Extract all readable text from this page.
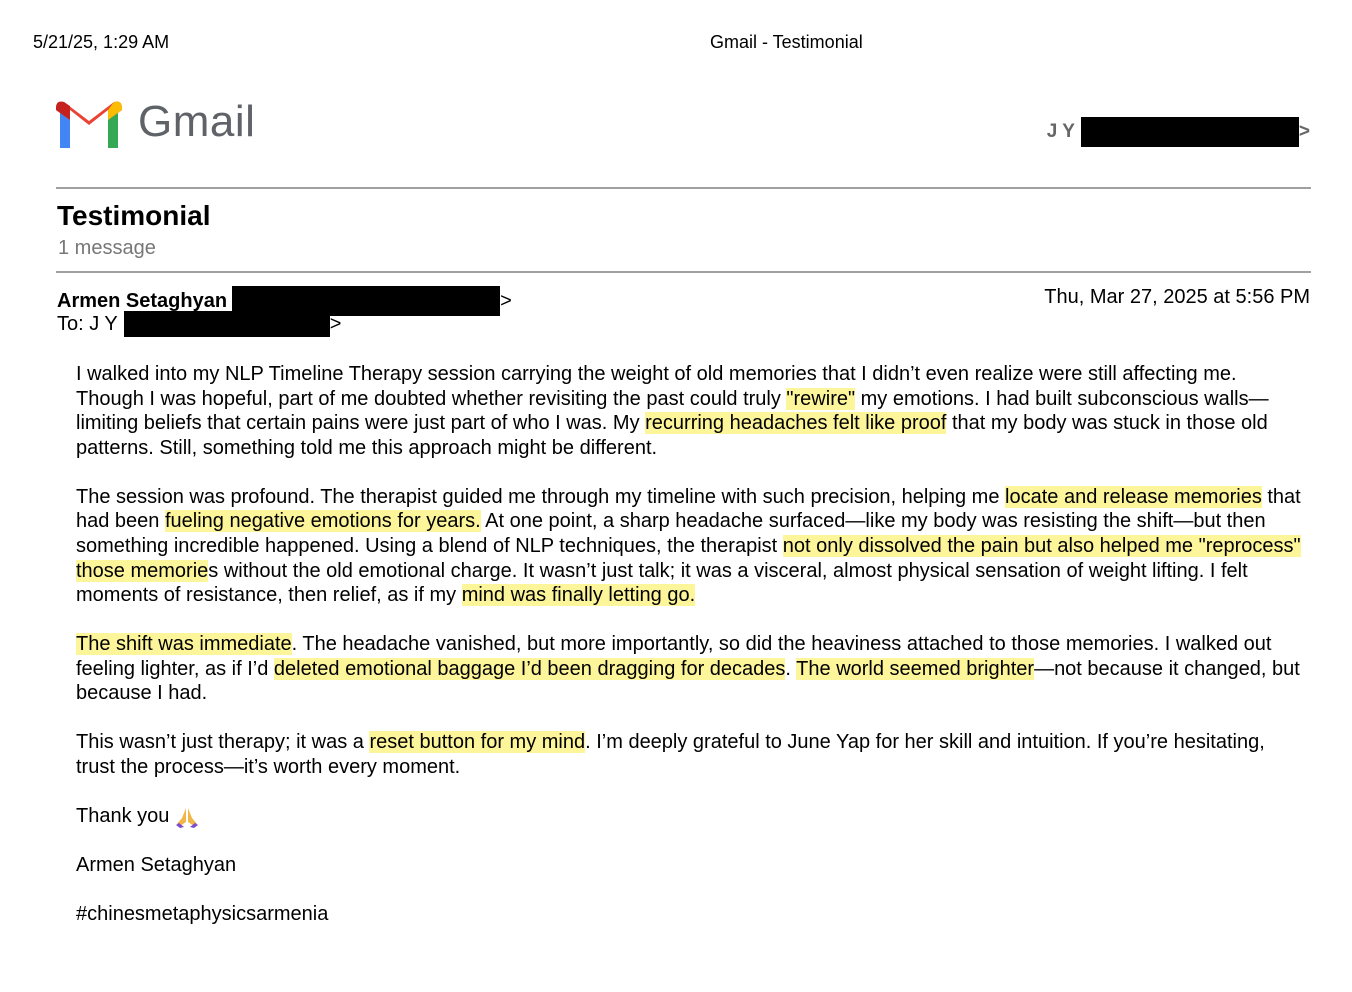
5/21/25, 1:29 AM	Gmail - Testimonial
Gmail	J Y	>
Testimonial
1 message
Armen Setaghyan	>	Thu, Mar 27, 2025 at 5:56 PM
To: J Y	>

I walked into my NLP Timeline Therapy session carrying the weight of old memories that I didn’t even realize were still affecting me. Though I was hopeful, part of me doubted whether revisiting the past could truly "rewire" my emotions. I had built subconscious walls—limiting beliefs that certain pains were just part of who I was. My recurring headaches felt like proof that my body was stuck in those old patterns. Still, something told me this approach might be different.

The session was profound. The therapist guided me through my timeline with such precision, helping me locate and release memories that had been fueling negative emotions for years. At one point, a sharp headache surfaced—like my body was resisting the shift—but then something incredible happened. Using a blend of NLP techniques, the therapist not only dissolved the pain but also helped me "reprocess" those memories without the old emotional charge. It wasn’t just talk; it was a visceral, almost physical sensation of weight lifting. I felt moments of resistance, then relief, as if my mind was finally letting go.

The shift was immediate. The headache vanished, but more importantly, so did the heaviness attached to those memories. I walked out feeling lighter, as if I’d deleted emotional baggage I’d been dragging for decades. The world seemed brighter—not because it changed, but because I had.

This wasn’t just therapy; it was a reset button for my mind. I’m deeply grateful to June Yap for her skill and intuition. If you’re hesitating, trust the process—it’s worth every moment.

Thank you

Armen Setaghyan

#chinesmetaphysicsarmenia
